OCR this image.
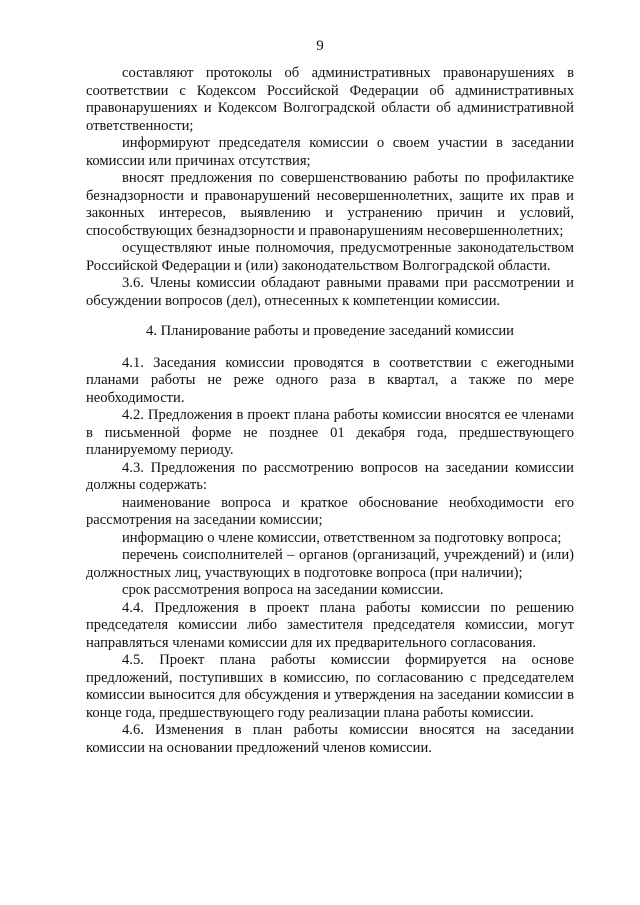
9

составляют протоколы об административных правонарушениях в соответствии с Кодексом Российской Федерации об административных правонарушениях и Кодексом Волгоградской области об административной ответственности;

информируют председателя комиссии о своем участии в заседании комиссии или причинах отсутствия;

вносят предложения по совершенствованию работы по профилактике безнадзорности и правонарушений несовершеннолетних, защите их прав и законных интересов, выявлению и устранению причин и условий, способствующих безнадзорности и правонарушениям несовершеннолетних;

осуществляют иные полномочия, предусмотренные законодательством Российской Федерации и (или) законодательством Волгоградской области.

3.6. Члены комиссии обладают равными правами при рассмотрении и обсуждении вопросов (дел), отнесенных к компетенции комиссии.

4. Планирование работы и проведение заседаний комиссии

4.1. Заседания комиссии проводятся в соответствии с ежегодными планами работы не реже одного раза в квартал, а также по мере необходимости.

4.2. Предложения в проект плана работы комиссии вносятся ее членами в письменной форме не позднее 01 декабря года, предшествующего планируемому периоду.

4.3. Предложения по рассмотрению вопросов на заседании комиссии должны содержать:

наименование вопроса и краткое обоснование необходимости его рассмотрения на заседании комиссии;

информацию о члене комиссии, ответственном за подготовку вопроса;

перечень соисполнителей – органов (организаций, учреждений) и (или) должностных лиц, участвующих в подготовке вопроса (при наличии);

срок рассмотрения вопроса на заседании комиссии.

4.4. Предложения в проект плана работы комиссии по решению председателя комиссии либо заместителя председателя комиссии, могут направляться членами комиссии для их предварительного согласования.

4.5. Проект плана работы комиссии формируется на основе предложений, поступивших в комиссию, по согласованию с председателем комиссии выносится для обсуждения и утверждения на заседании комиссии в конце года, предшествующего году реализации плана работы комиссии.

4.6. Изменения в план работы комиссии вносятся на заседании комиссии на основании предложений членов комиссии.
